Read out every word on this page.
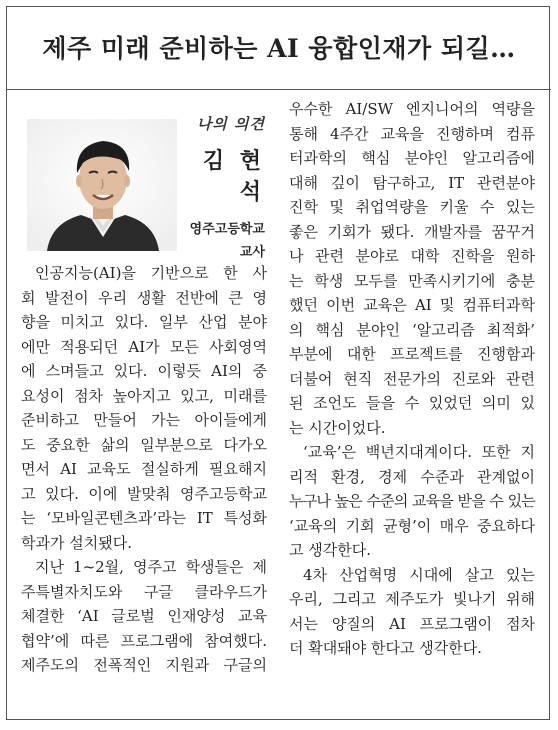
제주 미래 준비하는 AI 융합인재가 되길…
나의 의견
김 현 석
영주고등학교
교사
인공지능(AI)을 기반으로 한 사
회 발전이 우리 생활 전반에 큰 영
향을 미치고 있다. 일부 산업 분야
에만 적용되던 AI가 모든 사회영역
에 스며들고 있다. 이렇듯 AI의 중
요성이 점차 높아지고 있고, 미래를
준비하고 만들어 가는 아이들에게
도 중요한 삶의 일부분으로 다가오
면서 AI 교육도 절실하게 필요해지
고 있다. 이에 발맞춰 영주고등학교
는 ‘모바일콘텐츠과’라는 IT 특성화
학과가 설치됐다.
지난 1~2월, 영주고 학생들은 제
주특별자치도와 구글 클라우드가
체결한 ‘AI 글로벌 인재양성 교육
협약’에 따른 프로그램에 참여했다.
제주도의 전폭적인 지원과 구글의
우수한 AI/SW 엔지니어의 역량을
통해 4주간 교육을 진행하며 컴퓨
터과학의 핵심 분야인 알고리즘에
대해 깊이 탐구하고, IT 관련분야
진학 및 취업역량을 키울 수 있는
좋은 기회가 됐다. 개발자를 꿈꾸거
나 관련 분야로 대학 진학을 원하
는 학생 모두를 만족시키기에 충분
했던 이번 교육은 AI 및 컴퓨터과학
의 핵심 분야인 ‘알고리즘 최적화’
부분에 대한 프로젝트를 진행함과
더불어 현직 전문가의 진로와 관련
된 조언도 들을 수 있었던 의미 있
는 시간이었다.
‘교육’은 백년지대계이다. 또한 지
리적 환경, 경제 수준과 관계없이
누구나 높은 수준의 교육을 받을 수 있는
‘교육의 기회 균형’이 매우 중요하다
고 생각한다.
4차 산업혁명 시대에 살고 있는
우리, 그리고 제주도가 빛나기 위해
서는 양질의 AI 프로그램이 점차
더 확대돼야 한다고 생각한다.
